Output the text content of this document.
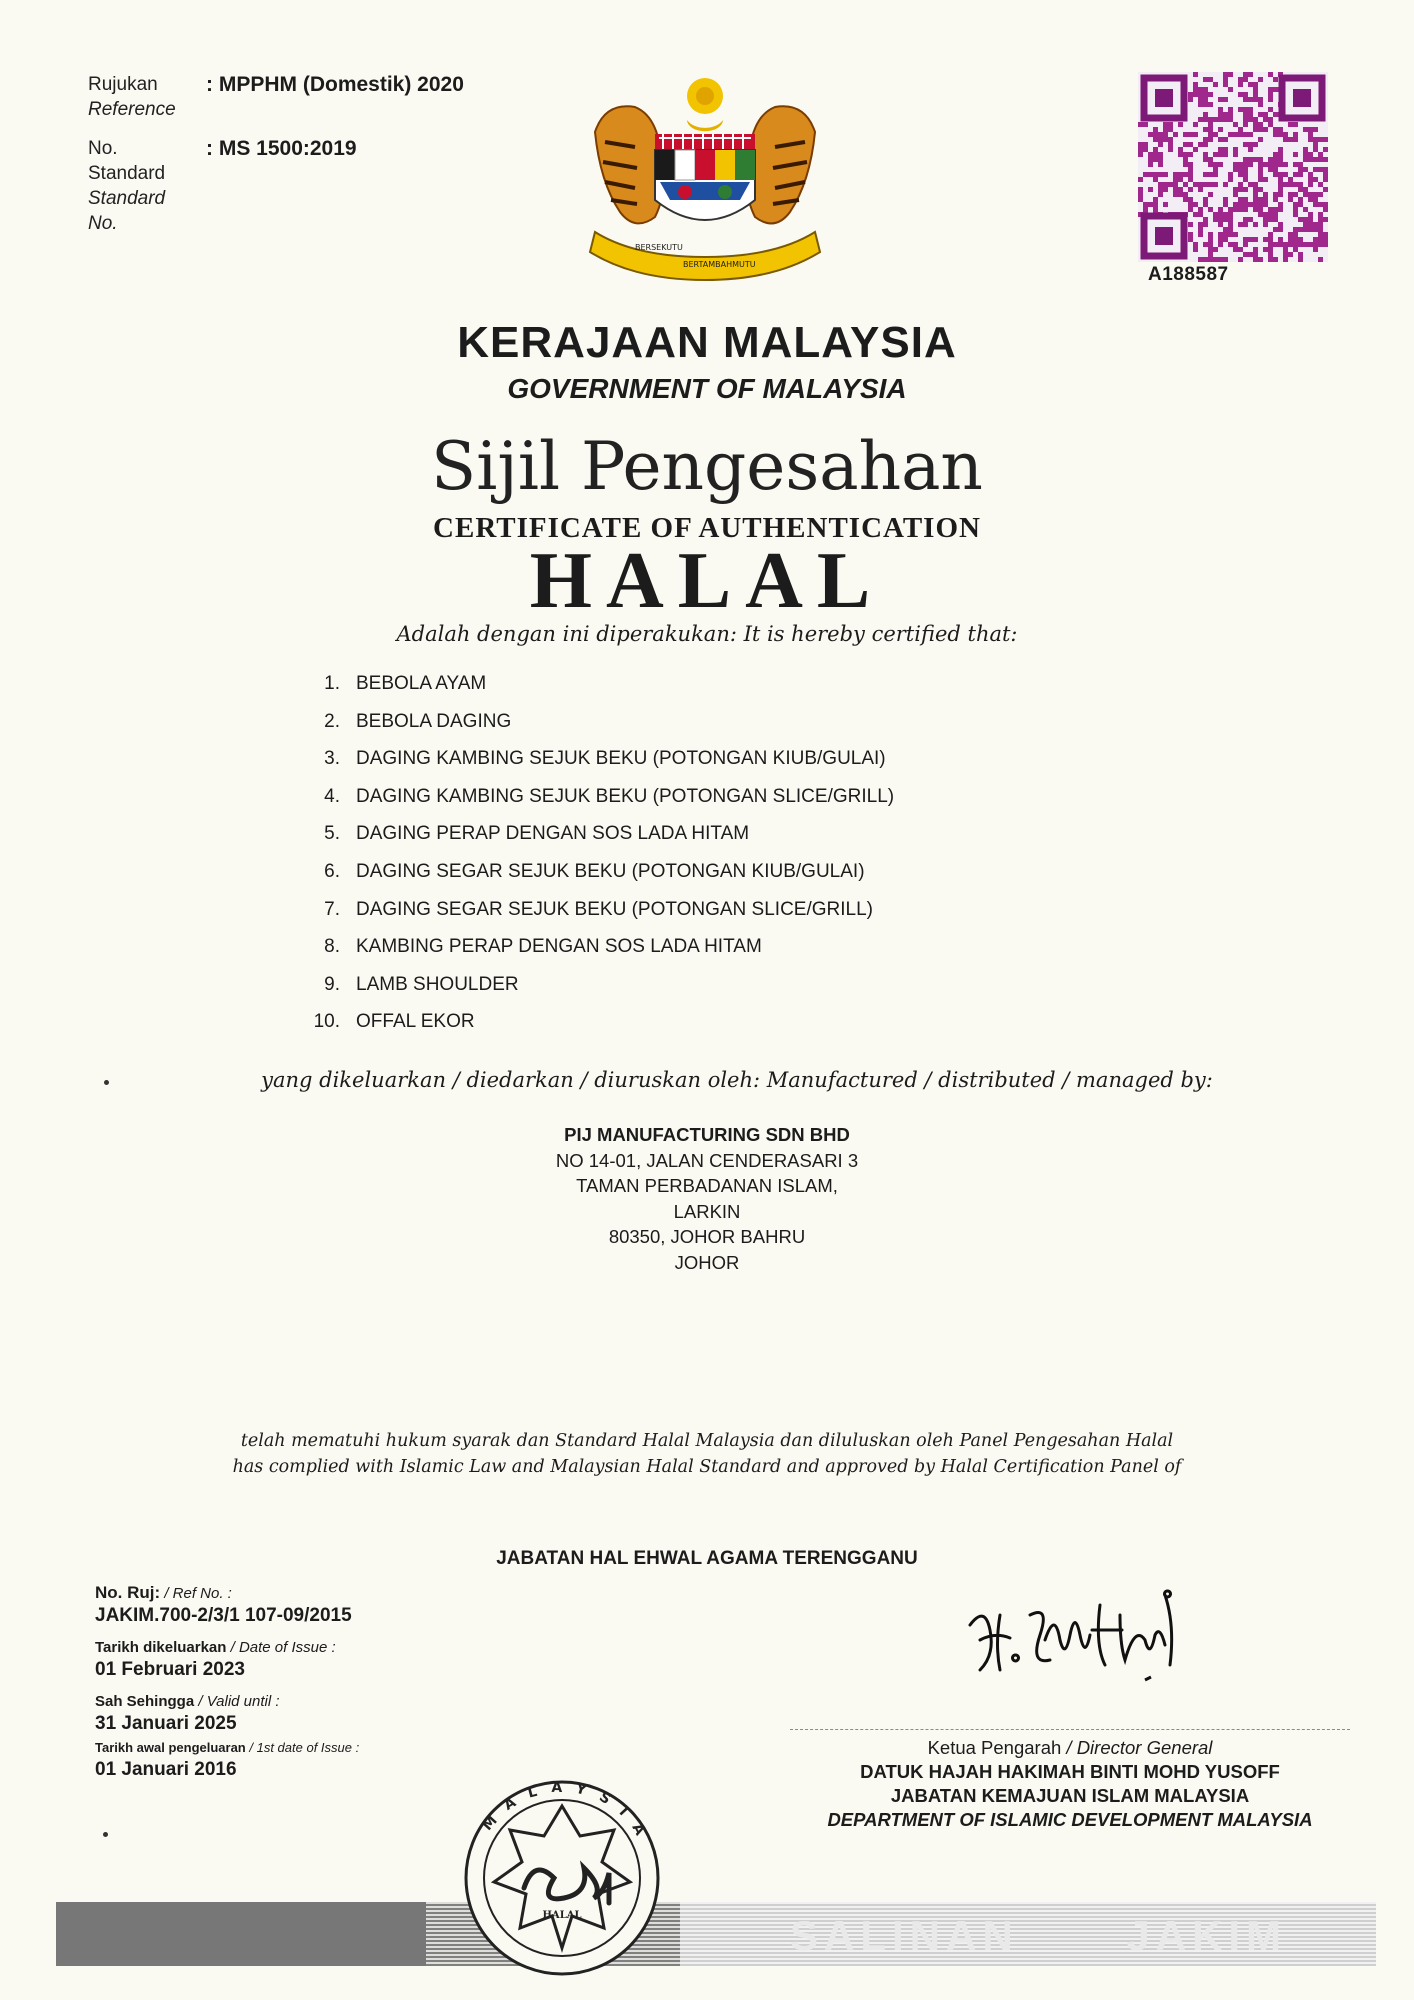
Rujukan
Reference
: MPPHM (Domestik) 2020
No.
Standard
Standard
No.
: MS 1500:2019
BERSEKUTU
BERTAMBAHMUTU	A188587
KERAJAAN MALAYSIA
GOVERNMENT OF MALAYSIA
Sijil Pengesahan
CERTIFICATE OF AUTHENTICATION
HALAL
Adalah dengan ini diperakukan: It is hereby certified that:
1. BEBOLA AYAM
2. BEBOLA DAGING
3. DAGING KAMBING SEJUK BEKU (POTONGAN KIUB/GULAI)
4. DAGING KAMBING SEJUK BEKU (POTONGAN SLICE/GRILL)
5. DAGING PERAP DENGAN SOS LADA HITAM
6. DAGING SEGAR SEJUK BEKU (POTONGAN KIUB/GULAI)
7. DAGING SEGAR SEJUK BEKU (POTONGAN SLICE/GRILL)
8. KAMBING PERAP DENGAN SOS LADA HITAM
9. LAMB SHOULDER
10. OFFAL EKOR
yang dikeluarkan / diedarkan / diuruskan oleh: Manufactured / distributed / managed by:
PIJ MANUFACTURING SDN BHD
NO 14-01, JALAN CENDERASARI 3
TAMAN PERBADANAN ISLAM,
LARKIN
80350, JOHOR BAHRU
JOHOR
telah mematuhi hukum syarak dan Standard Halal Malaysia dan diluluskan oleh Panel Pengesahan Halal
has complied with Islamic Law and Malaysian Halal Standard and approved by Halal Certification Panel of
JABATAN HAL EHWAL AGAMA TERENGGANU
No. Ruj: / Ref No. :
JAKIM.700-2/3/1 107-09/2015
Tarikh dikeluarkan / Date of Issue :
01 Februari 2023
Sah Sehingga / Valid until :
31 Januari 2025
Tarikh awal pengeluaran / 1st date of Issue :
01 Januari 2016
Ketua Pengarah / Director General
DATUK HAJAH HAKIMAH BINTI MOHD YUSOFF
JABATAN KEMAJUAN ISLAM MALAYSIA
DEPARTMENT OF ISLAMIC DEVELOPMENT MALAYSIA
SALINAN	JAKIM
MALAYSIA
HALAL
